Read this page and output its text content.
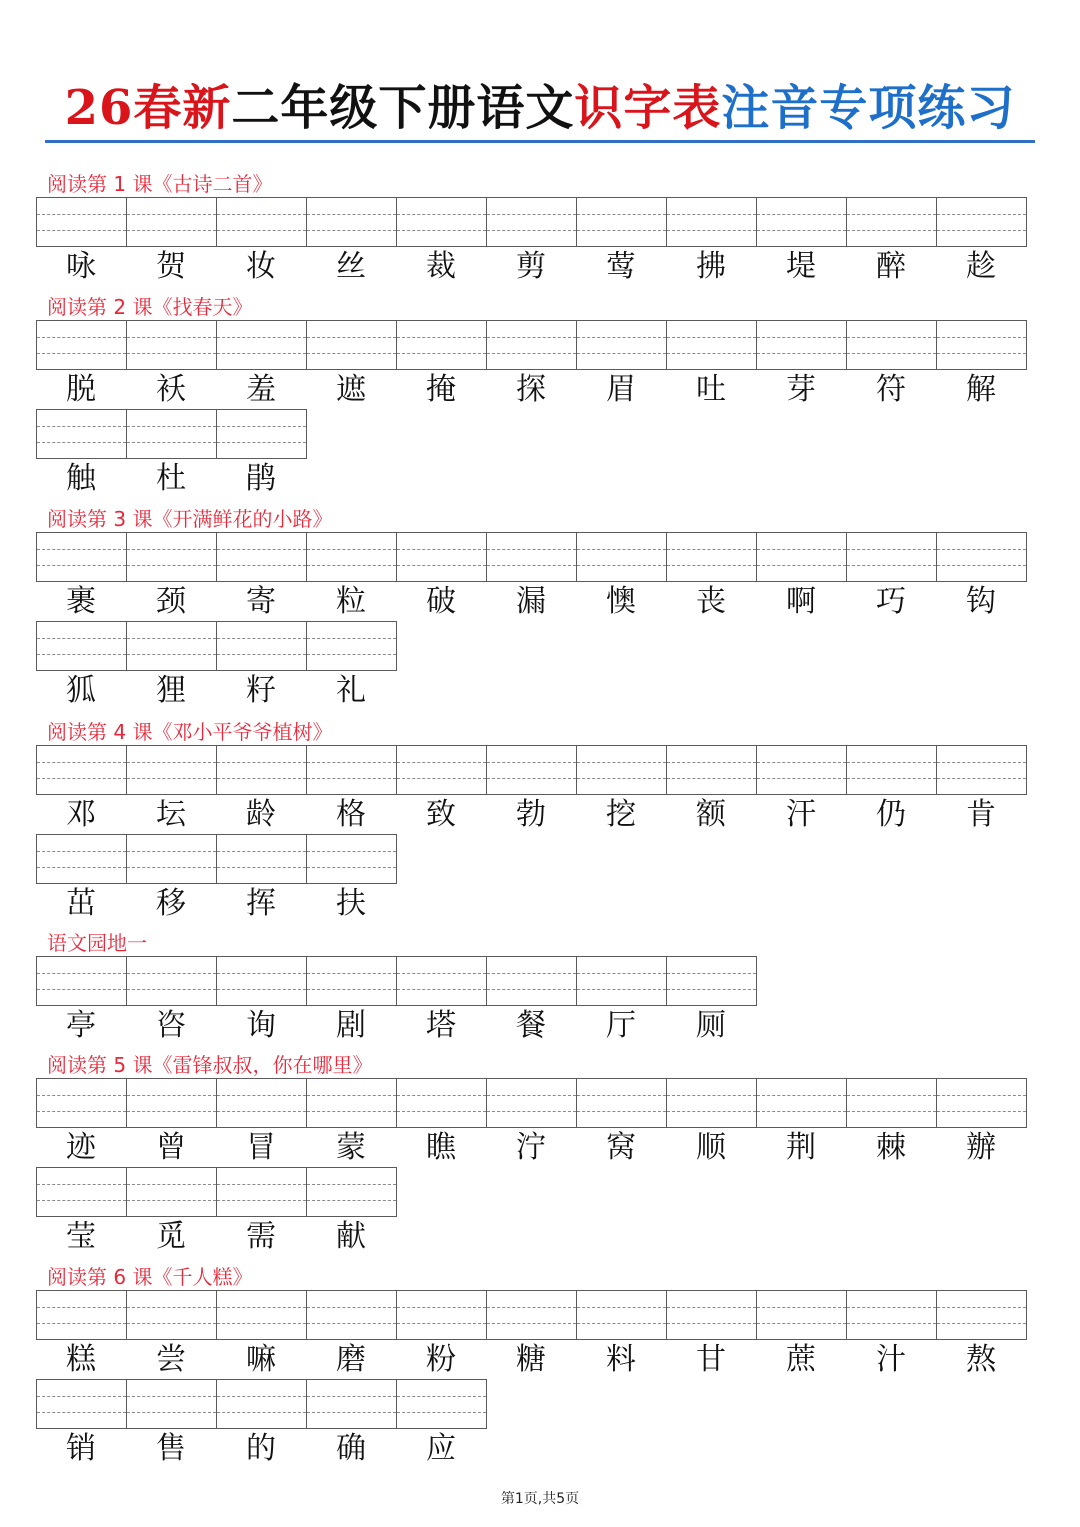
26春新二年级下册语文识字表注音专项练习
阅读第 1 课《古诗二首》
咏	贺	妆	丝	裁	剪	莺	拂	堤	醉	趁
阅读第 2 课《找春天》
脱	袄	羞	遮	掩	探	眉	吐	芽	符	解
触	杜	鹃
阅读第 3 课《开满鲜花的小路》
裹	颈	寄	粒	破	漏	懊	丧	啊	巧	钩
狐	狸	籽	礼
阅读第 4 课《邓小平爷爷植树》
邓	坛	龄	格	致	勃	挖	额	汗	仍	肯
茁	移	挥	扶
语文园地一
亭	咨	询	剧	塔	餐	厅	厕
阅读第 5 课《雷锋叔叔，你在哪里》
迹	曾	冒	蒙	瞧	泞	窝	顺	荆	棘	辦
莹	觅	需	献
阅读第 6 课《千人糕》
糕	尝	嘛	磨	粉	糖	料	甘	蔗	汁	熬
销	售	的	确	应
第1页,共5页
